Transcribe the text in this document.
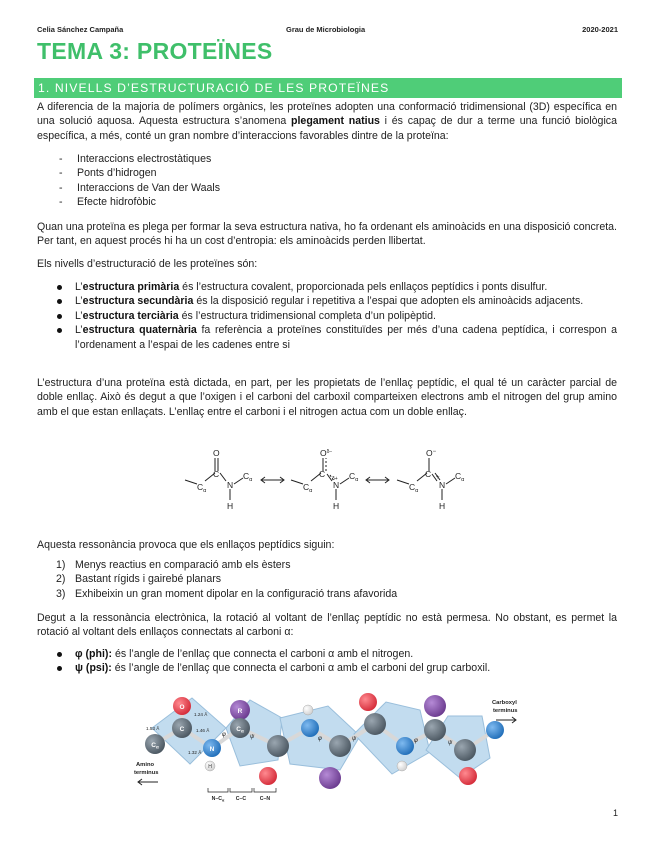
Celia Sánchez Campaña	Grau de Microbiologia	2020-2021
TEMA 3: PROTEÏNES
1. NIVELLS D’ESTRUCTURACIÓ DE LES PROTEÏNES

A diferencia de la majoria de polímers orgànics, les proteïnes adopten una conformació tridimensional (3D) específica en una solució aquosa. Aquesta estructura s’anomena plegament natius i és capaç de dur a terme una funció biològica específica, a més, conté un gran nombre d’interaccions favorables dintre de la proteïna:

- Interaccions electrostàtiques
- Ponts d’hidrogen
- Interaccions de Van der Waals
- Efecte hidrofòbic

Quan una proteïna es plega per formar la seva estructura nativa, ho fa ordenant els aminoàcids en una disposició concreta. Per tant, en aquest procés hi ha un cost d’entropia: els aminoàcids perden llibertat.

Els nivells d’estructuració de les proteïnes són:

L’estructura primària és l’estructura covalent, proporcionada pels enllaços peptídics i ponts disulfur.
L’estructura secundària és la disposició regular i repetitiva a l’espai que adopten els aminoàcids adjacents.
L’estructura terciària és l’estructura tridimensional completa d’un polipèptid.
L’estructura quaternària fa referència a proteïnes constituïdes per més d’una cadena peptídica, i correspon a l’ordenament a l’espai de les cadenes entre si

L’estructura d’una proteïna està dictada, en part, per les propietats de l’enllaç peptídic, el qual té un caràcter parcial de doble enllaç. Això és degut a que l’oxigen i el carboni del carboxil comparteixen electrons amb el nitrogen del grup amino amb el que estan enllaçats. L’enllaç entre el carboni i el nitrogen actua com un doble enllaç.

O
C
N
H
$C_\alpha$
$C_\alpha$
$O^{\delta-}$
C
N
δ+
H
$C_\alpha$
$C_\alpha$
O−
C
N
+
H
$C_\alpha$
$C_\alpha$

Aquesta ressonància provoca que els enllaços peptídics siguin:

1) Menys reactius en comparació amb els èsters
2) Bastant rígids i gairebé planars
3) Exhibeixin un gran moment dipolar en la configuració trans afavorida

Degut a la ressonància electrònica, la rotació al voltant de l’enllaç peptídic no està permesa. No obstant, es permet la rotació al voltant dels enllaços connectats al carboni α:

φ (phi): és l’angle de l’enllaç que connecta el carboni α amb el nitrogen.
ψ (psi): és l’angle de l’enllaç que connecta el carboni α amb el carboni del grup carboxil.
$C_\alpha$
O
C
N
R
$C_\alpha$
H
1.53 Å
1.24 Å
1.46 Å
1.32 Å
φ	ψ	φ	ψ	φ	ψ
Amino
terminus
Carboxyl
terminus
$N-C_\alpha$ C–C	C–N
1
